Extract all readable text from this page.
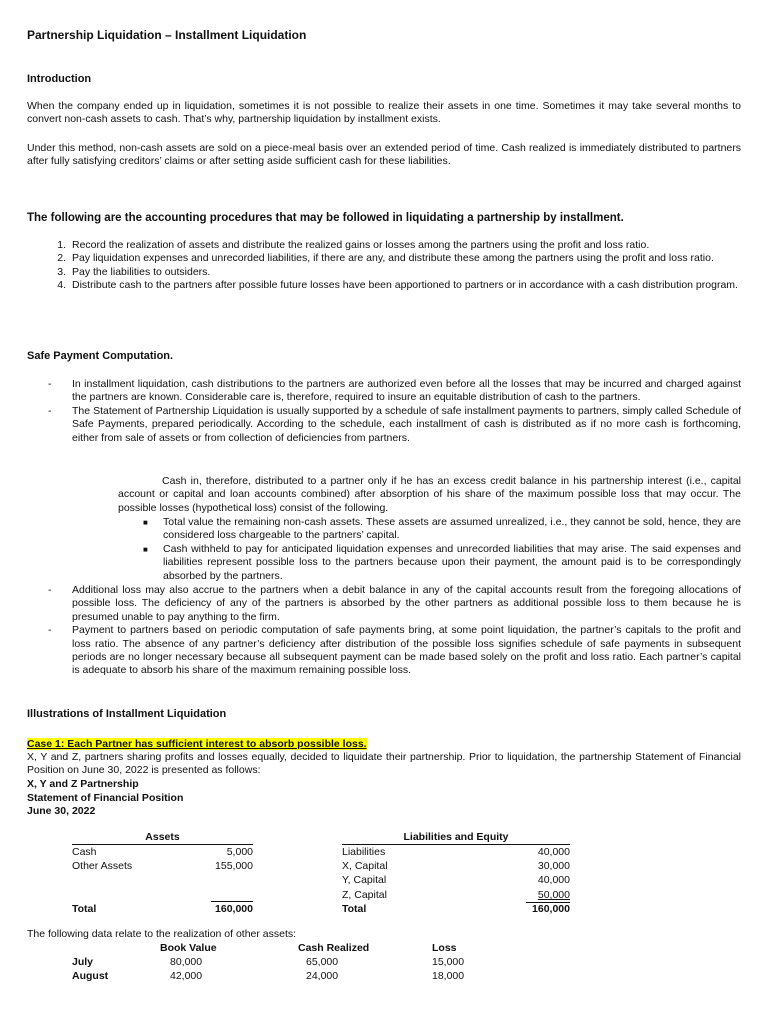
Partnership Liquidation – Installment Liquidation
Introduction

When the company ended up in liquidation, sometimes it is not possible to realize their assets in one time. Sometimes it may take several months to convert non-cash assets to cash. That’s why, partnership liquidation by installment exists.

Under this method, non-cash assets are sold on a piece-meal basis over an extended period of time. Cash realized is immediately distributed to partners after fully satisfying creditors’ claims or after setting aside sufficient cash for these liabilities.

The following are the accounting procedures that may be followed in liquidating a partnership by installment.

1. Record the realization of assets and distribute the realized gains or losses among the partners using the profit and loss ratio.
2. Pay liquidation expenses and unrecorded liabilities, if there are any, and distribute these among the partners using the profit and loss ratio.
3. Pay the liabilities to outsiders.
4. Distribute cash to the partners after possible future losses have been apportioned to partners or in accordance with a cash distribution program.
Safe Payment Computation.
- In installment liquidation, cash distributions to the partners are authorized even before all the losses that may be incurred and charged against the partners are known. Considerable care is, therefore, required to insure an equitable distribution of cash to the partners.
- The Statement of Partnership Liquidation is usually supported by a schedule of safe installment payments to partners, simply called Schedule of Safe Payments, prepared periodically. According to the schedule, each installment of cash is distributed as if no more cash is forthcoming, either from sale of assets or from collection of deficiencies from partners.

Cash in, therefore, distributed to a partner only if he has an excess credit balance in his partnership interest (i.e., capital account or capital and loan accounts combined) after absorption of his share of the maximum possible loss that may occur. The possible losses (hypothetical loss) consist of the following.

■ Total value the remaining non-cash assets. These assets are assumed unrealized, i.e., they cannot be sold, hence, they are considered loss chargeable to the partners’ capital.
■ Cash withheld to pay for anticipated liquidation expenses and unrecorded liabilities that may arise. The said expenses and liabilities represent possible loss to the partners because upon their payment, the amount paid is to be correspondingly absorbed by the partners.
- Additional loss may also accrue to the partners when a debit balance in any of the capital accounts result from the foregoing allocations of possible loss. The deficiency of any of the partners is absorbed by the other partners as additional possible loss to them because he is presumed unable to pay anything to the firm.
- Payment to partners based on periodic computation of safe payments bring, at some point liquidation, the partner’s capitals to the profit and loss ratio. The absence of any partner’s deficiency after distribution of the possible loss signifies schedule of safe payments in subsequent periods are no longer necessary because all subsequent payment can be made based solely on the profit and loss ratio. Each partner’s capital is adequate to absorb his share of the maximum remaining possible loss.
Illustrations of Installment Liquidation
Case 1: Each Partner has sufficient interest to absorb possible loss.

X, Y and Z, partners sharing profits and losses equally, decided to liquidate their partnership. Prior to liquidation, the partnership Statement of Financial Position on June 30, 2022 is presented as follows:

X, Y and Z Partnership
Statement of Financial Position
June 30, 2022
Assets			Liabilities and Equity	
Cash	5,000		Liabilities	40,000
Other Assets	155,000		X, Capital	30,000
			Y, Capital	40,000

		Z, Capital	50,000
Total	160,000		Total	160,000
The following data relate to the realization of other assets:
	Book Value	Cash Realized	Loss
July	80,000	65,000	15,000
August	42,000	24,000	18,000
